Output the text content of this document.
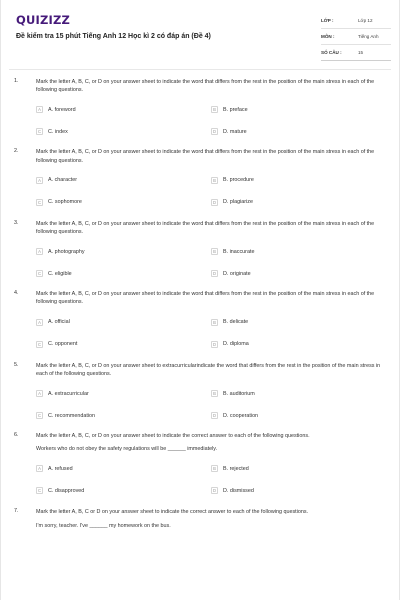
QUIZIZZ
Đề kiểm tra 15 phút Tiếng Anh 12 Học kì 2 có đáp án (Đề 4)
LỚP :	Lớp 12
MÔN :	Tiếng Anh
SỐ CÂU :	15
1.	Mark the letter A, B, C, or D on your answer sheet to indicate the word that differs from the rest in the position of the main stress in each of the following questions.
A	A. foreword	B	B. preface
C	C. index	D	D. mature
2.	Mark the letter A, B, C, or D on your answer sheet to indicate the word that differs from the rest in the position of the main stress in each of the following questions.
A	A. character	B	B. procedure
C	C. sophomore	D	D. plagiarize
3.	Mark the letter A, B, C, or D on your answer sheet to indicate the word that differs from the rest in the position of the main stress in each of the following questions.
A	A. photography	B	B. inaccurate
C	C. eligible	D	D. originate
4.	Mark the letter A, B, C, or D on your answer sheet to indicate the word that differs from the rest in the position of the main stress in each of the following questions.
A	A. official	B	B. delicate
C	C. opponent	D	D. diploma
5.	Mark the letter A, B, C, or D on your answer sheet to extracurricularindicate the word that differs from the rest in the position of the main stress in each of the following questions.
A	A. extracurricular	B	B. auditorium
C	C. recommendation	D	D. cooperation
6.	Mark the letter A, B, C, or D on your answer sheet to indicate the correct answer to each of the following questions.
Workers who do not obey the safety regulations will be ______ immediately.
A	A. refused	B	B. rejected
C	C. disapproved	D	D. dismissed
7.	Mark the letter A, B, C or D on your answer sheet to indicate the correct answer to each of the following questions.
I'm sorry, teacher. I've ______ my homework on the bus.
